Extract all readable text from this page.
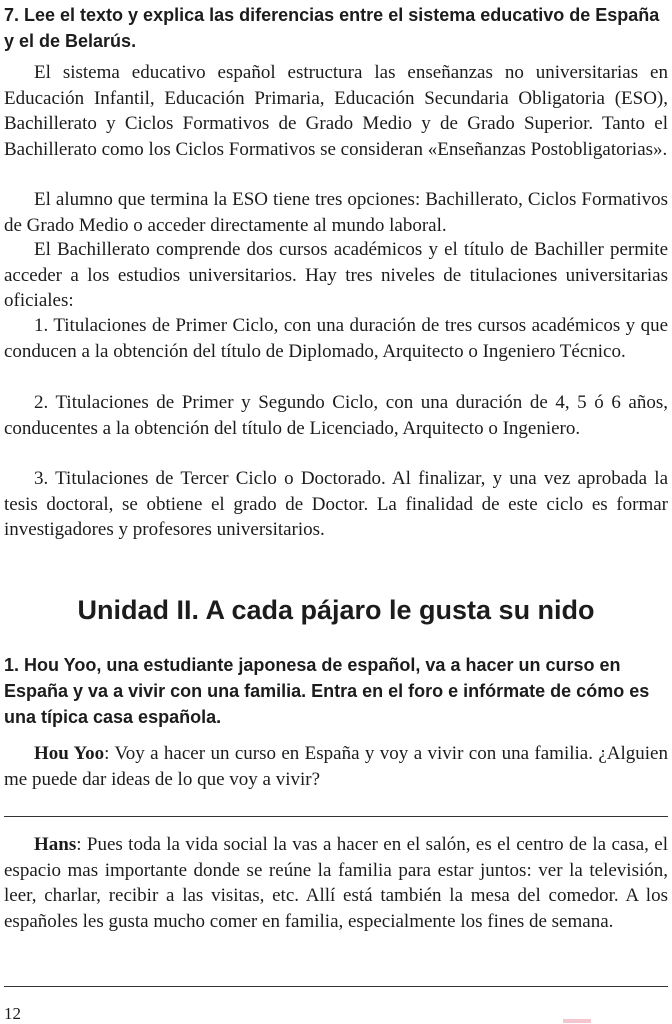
7. Lee el texto y explica las diferencias entre el sistema educativo de España y el de Belarús.

El sistema educativo español estructura las enseñanzas no universitarias en Educación Infantil, Educación Primaria, Educación Secundaria Obligatoria (ESO), Bachillerato y Ciclos Formativos de Grado Medio y de Grado Superior. Tanto el Bachillerato como los Ciclos Formativos se consideran «Enseñanzas Postobligatorias».

El alumno que termina la ESO tiene tres opciones: Bachillerato, Ciclos Formativos de Grado Medio o acceder directamente al mundo laboral.

El Bachillerato comprende dos cursos académicos y el título de Bachiller permite acceder a los estudios universitarios. Hay tres niveles de titulaciones universitarias oficiales:

1. Titulaciones de Primer Ciclo, con una duración de tres cursos académicos y que conducen a la obtención del título de Diplomado, Arquitecto o Ingeniero Técnico.

2. Titulaciones de Primer y Segundo Ciclo, con una duración de 4, 5 ó 6 años, conducentes a la obtención del título de Licenciado, Arquitecto o Ingeniero.

3. Titulaciones de Tercer Ciclo o Doctorado. Al finalizar, y una vez aprobada la tesis doctoral, se obtiene el grado de Doctor. La finalidad de este ciclo es formar investigadores y profesores universitarios.

Unidad II. A cada pájaro le gusta su nido
1. Hou Yoo, una estudiante japonesa de español, va a hacer un curso en España y va a vivir con una familia. Entra en el foro e infórmate de cómo es una típica casa española.

Hou Yoo: Voy a hacer un curso en España y voy a vivir con una familia. ¿Alguien me puede dar ideas de lo que voy a vivir?

Hans: Pues toda la vida social la vas a hacer en el salón, es el centro de la casa, el espacio mas importante donde se reúne la familia para estar juntos: ver la televisión, leer, charlar, recibir a las visitas, etc. Allí está también la mesa del comedor. A los españoles les gusta mucho comer en familia, especialmente los fines de semana.

12
